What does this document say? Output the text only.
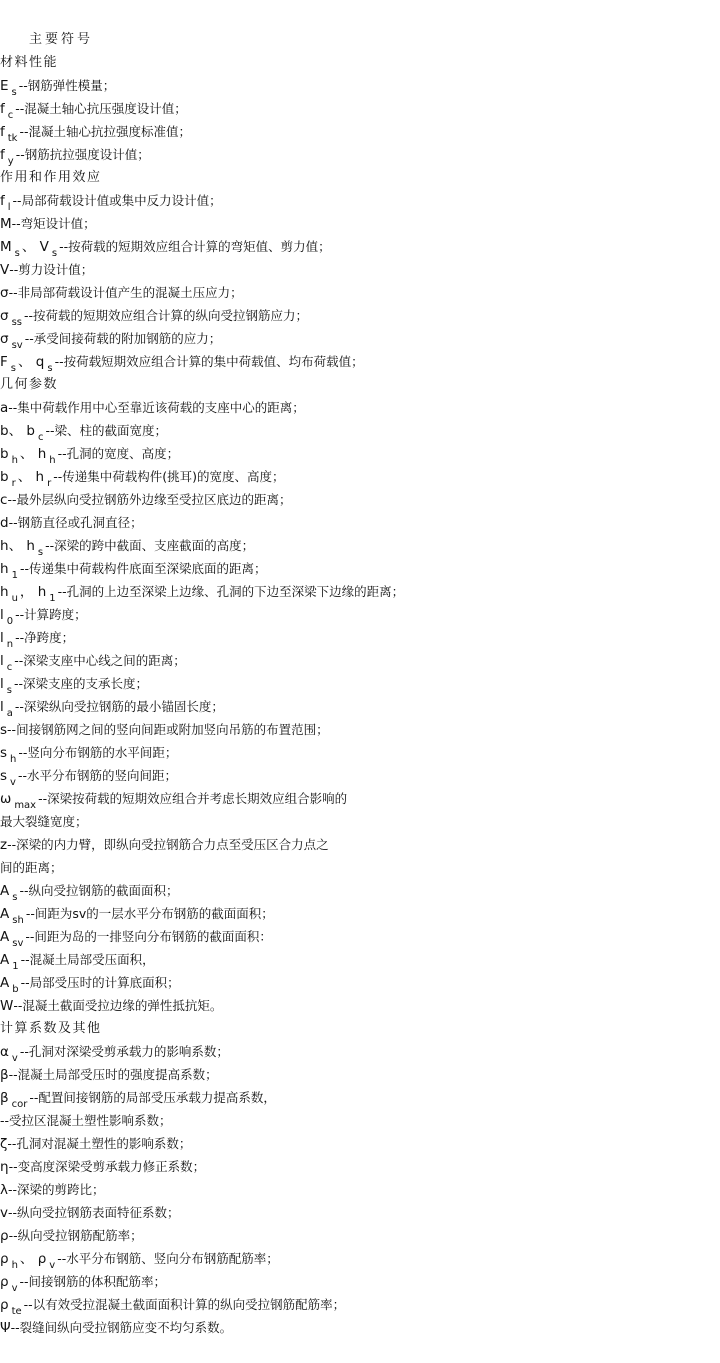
主要符号
材料性能
E $_s$ --钢筋弹性模量；
f $_c$ --混凝土轴心抗压强度设计值；
f $_{tk}$ --混凝土轴心抗拉强度标准值；
f $_y$ --钢筋抗拉强度设计值；
作用和作用效应
f $_l$ --局部荷载设计值或集中反力设计值；
M--弯矩设计值；
M $_s$ 、 V $_s$ --按荷载的短期效应组合计算的弯矩值、剪力值；
V--剪力设计值；
σ--非局部荷载设计值产生的混凝土压应力；
σ $_{ss}$ --按荷载的短期效应组合计算的纵向受拉钢筋应力；
σ $_{sv}$ --承受间接荷载的附加钢筋的应力；
F $_s$ 、 q $_s$ --按荷载短期效应组合计算的集中荷载值、均布荷载值；
几何参数
a--集中荷载作用中心至靠近该荷载的支座中心的距离；
b、 b $_c$ --梁、柱的截面宽度；
b $_h$ 、 h $_h$ --孔洞的宽度、高度；
b $_r$ 、 h $_r$ --传递集中荷载构件(挑耳)的宽度、高度；
c--最外层纵向受拉钢筋外边缘至受拉区底边的距离；
d--钢筋直径或孔洞直径；
h、 h $_s$ --深梁的跨中截面、支座截面的高度；
h $_1$ --传递集中荷载构件底面至深梁底面的距离；
h $_u$ ， h $_1$ --孔洞的上边至深梁上边缘、孔洞的下边至深梁下边缘的距离；
l $_0$ --计算跨度；
l $_n$ --净跨度；
l $_c$ --深梁支座中心线之间的距离；
l $_s$ --深梁支座的支承长度；
l $_a$ --深梁纵向受拉钢筋的最小锚固长度；
s--间接钢筋网之间的竖向间距或附加竖向吊筋的布置范围；
s $_h$ --竖向分布钢筋的水平间距；
s $_v$ --水平分布钢筋的竖向间距；
ω $_{max}$ --深梁按荷载的短期效应组合并考虑长期效应组合影响的
最大裂缝宽度；
z--深梁的内力臂，即纵向受拉钢筋合力点至受压区合力点之
间的距离；
A $_s$ --纵向受拉钢筋的截面面积；
A $_{sh}$ --间距为sv的一层水平分布钢筋的截面面积；
A $_{sv}$ --间距为岛的一排竖向分布钢筋的截面面积：
A $_1$ --混凝土局部受压面积，
A $_b$ --局部受压时的计算底面积；
W--混凝土截面受拉边缘的弹性抵抗矩。
计算系数及其他
α $_v$ --孔洞对深梁受剪承载力的影响系数；
β--混凝土局部受压时的强度提高系数；
β $_{cor}$ --配置间接钢筋的局部受压承载力提高系数，
--受拉区混凝土塑性影响系数；
ζ--孔洞对混凝土塑性的影响系数；
η--变高度深梁受剪承载力修正系数；
λ--深梁的剪跨比；
v--纵向受拉钢筋表面特征系数；
ρ--纵向受拉钢筋配筋率；
ρ $_h$ 、 ρ $_v$ --水平分布钢筋、竖向分布钢筋配筋率；
ρ $_v$ --间接钢筋的体积配筋率；
ρ $_{te}$ --以有效受拉混凝土截面面积计算的纵向受拉钢筋配筋率；
Ψ--裂缝间纵向受拉钢筋应变不均匀系数。
